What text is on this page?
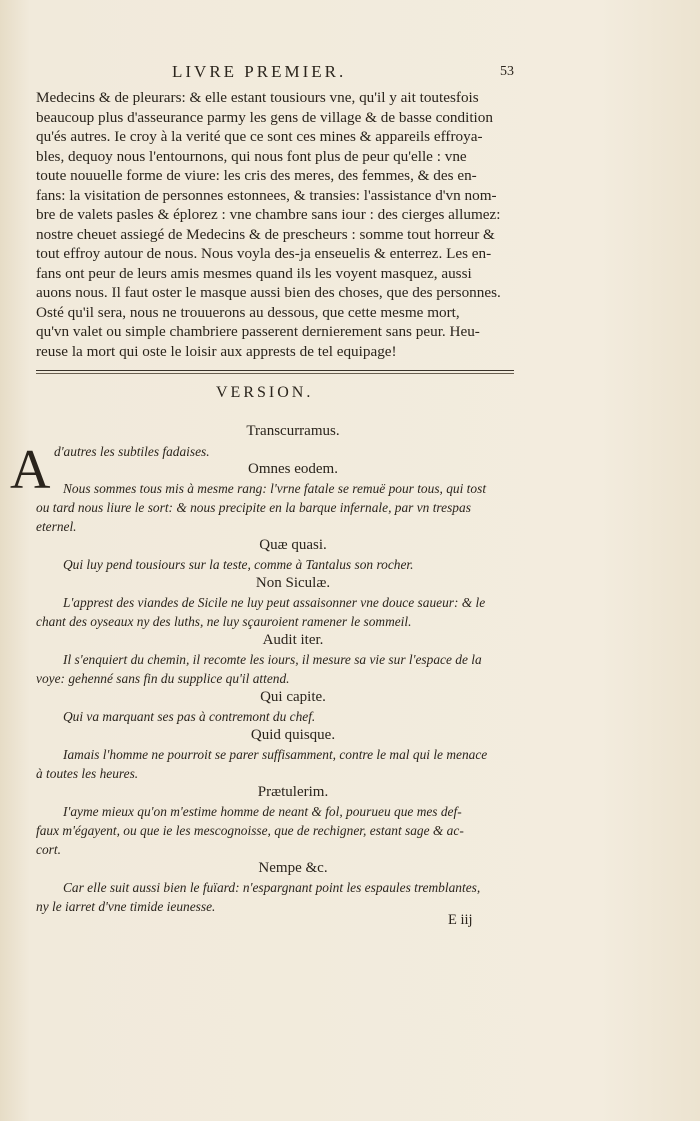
LIVRE PREMIER.	53
Medecins & de pleurars: & elle estant tousiours vne, qu'il y ait toutesfois
beaucoup plus d'asseurance parmy les gens de village & de basse condition
qu'és autres. Ie croy à la verité que ce sont ces mines & appareils effroya-
bles, dequoy nous l'entournons, qui nous font plus de peur qu'elle : vne
toute nouuelle forme de viure: les cris des meres, des femmes, & des en-
fans: la visitation de personnes estonnees, & transies: l'assistance d'vn nom-
bre de valets pasles & éplorez : vne chambre sans iour : des cierges allumez:
nostre cheuet assiegé de Medecins & de prescheurs : somme tout horreur &
tout effroy autour de nous. Nous voyla des-ja enseuelis & enterrez. Les en-
fans ont peur de leurs amis mesmes quand ils les voyent masquez, aussi
auons nous. Il faut oster le masque aussi bien des choses, que des personnes.
Osté qu'il sera, nous ne trouuerons au dessous, que cette mesme mort,
qu'vn valet ou simple chambriere passerent dernierement sans peur. Heu-
reuse la mort qui oste le loisir aux apprests de tel equipage!
VERSION.
Transcurramus.
A d'autres les subtiles fadaises.
Omnes eodem.
Nous sommes tous mis à mesme rang: l'vrne fatale se remuë pour tous, qui tost
ou tard nous liure le sort: & nous precipite en la barque infernale, par vn trespas
eternel.
Quæ quasi.
Qui luy pend tousiours sur la teste, comme à Tantalus son rocher.
Non Siculæ.
L'apprest des viandes de Sicile ne luy peut assaisonner vne douce saueur: & le
chant des oyseaux ny des luths, ne luy sçauroient ramener le sommeil.
Audit iter.
Il s'enquiert du chemin, il recomte les iours, il mesure sa vie sur l'espace de la
voye: gehenné sans fin du supplice qu'il attend.
Qui capite.
Qui va marquant ses pas à contremont du chef.
Quid quisque.
Iamais l'homme ne pourroit se parer suffisamment, contre le mal qui le menace
à toutes les heures.
Prætulerim.
I'ayme mieux qu'on m'estime homme de neant & fol, pourueu que mes def-
faux m'égayent, ou que ie les mescognoisse, que de rechigner, estant sage & ac-
cort.
Nempe &c.
Car elle suit aussi bien le fuïard: n'espargnant point les espaules tremblantes,
ny le iarret d'vne timide ieunesse.
E iij
